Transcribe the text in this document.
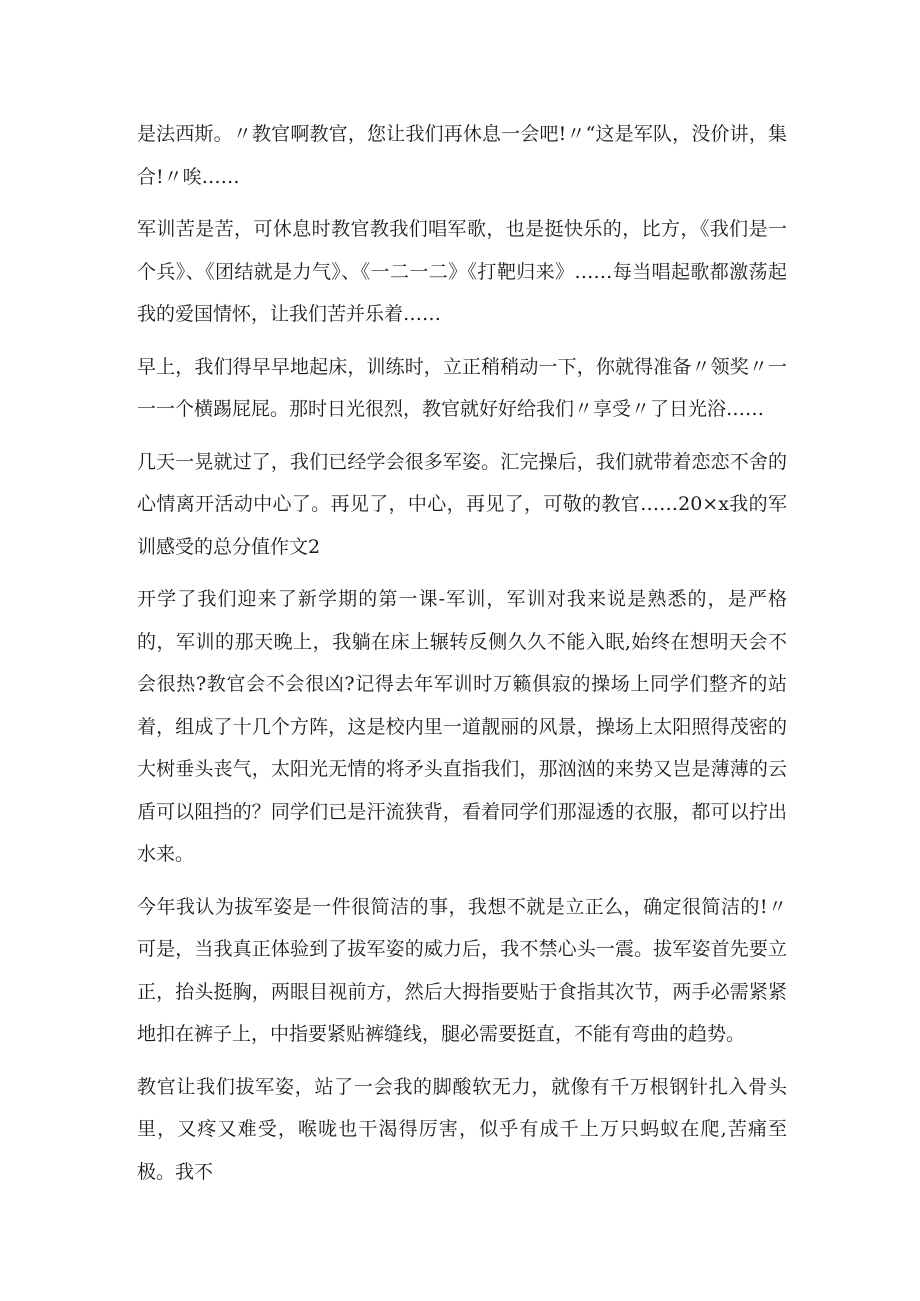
是法西斯。〃教官啊教官，您让我们再休息一会吧!〃“这是军队，没价讲，集合!〃唉……

军训苦是苦，可休息时教官教我们唱军歌，也是挺快乐的，比方，《我们是一个兵》、《团结就是力气》、《一二一二》《打靶归来》……每当唱起歌都激荡起我的爱国情怀，让我们苦并乐着……

早上，我们得早早地起床，训练时，立正稍稍动一下，你就得准备〃领奖〃一一一个横踢屁屁。那时日光很烈，教官就好好给我们〃享受〃了日光浴……

几天一晃就过了，我们已经学会很多军姿。汇完操后，我们就带着恋恋不舍的心情离开活动中心了。再见了，中心，再见了，可敬的教官……20×x我的军训感受的总分值作文2

开学了我们迎来了新学期的第一课-军训，军训对我来说是熟悉的，是严格的，军训的那天晚上，我躺在床上辗转反侧久久不能入眠,始终在想明天会不会很热?教官会不会很凶?记得去年军训时万籁俱寂的操场上同学们整齐的站着，组成了十几个方阵，这是校内里一道靓丽的风景，操场上太阳照得茂密的大树垂头丧气，太阳光无情的将矛头直指我们，那汹汹的来势又岂是薄薄的云盾可以阻挡的？同学们已是汗流狭背，看着同学们那湿透的衣服，都可以拧出水来。

今年我认为拔军姿是一件很简洁的事，我想不就是立正么，确定很简洁的!〃可是，当我真正体验到了拔军姿的威力后，我不禁心头一震。拔军姿首先要立正，抬头挺胸，两眼目视前方，然后大拇指要贴于食指其次节，两手必需紧紧地扣在裤子上，中指要紧贴裤缝线，腿必需要挺直，不能有弯曲的趋势。

教官让我们拔军姿，站了一会我的脚酸软无力，就像有千万根钢针扎入骨头里，又疼又难受，喉咙也干渴得厉害，似乎有成千上万只蚂蚁在爬,苦痛至极。我不
